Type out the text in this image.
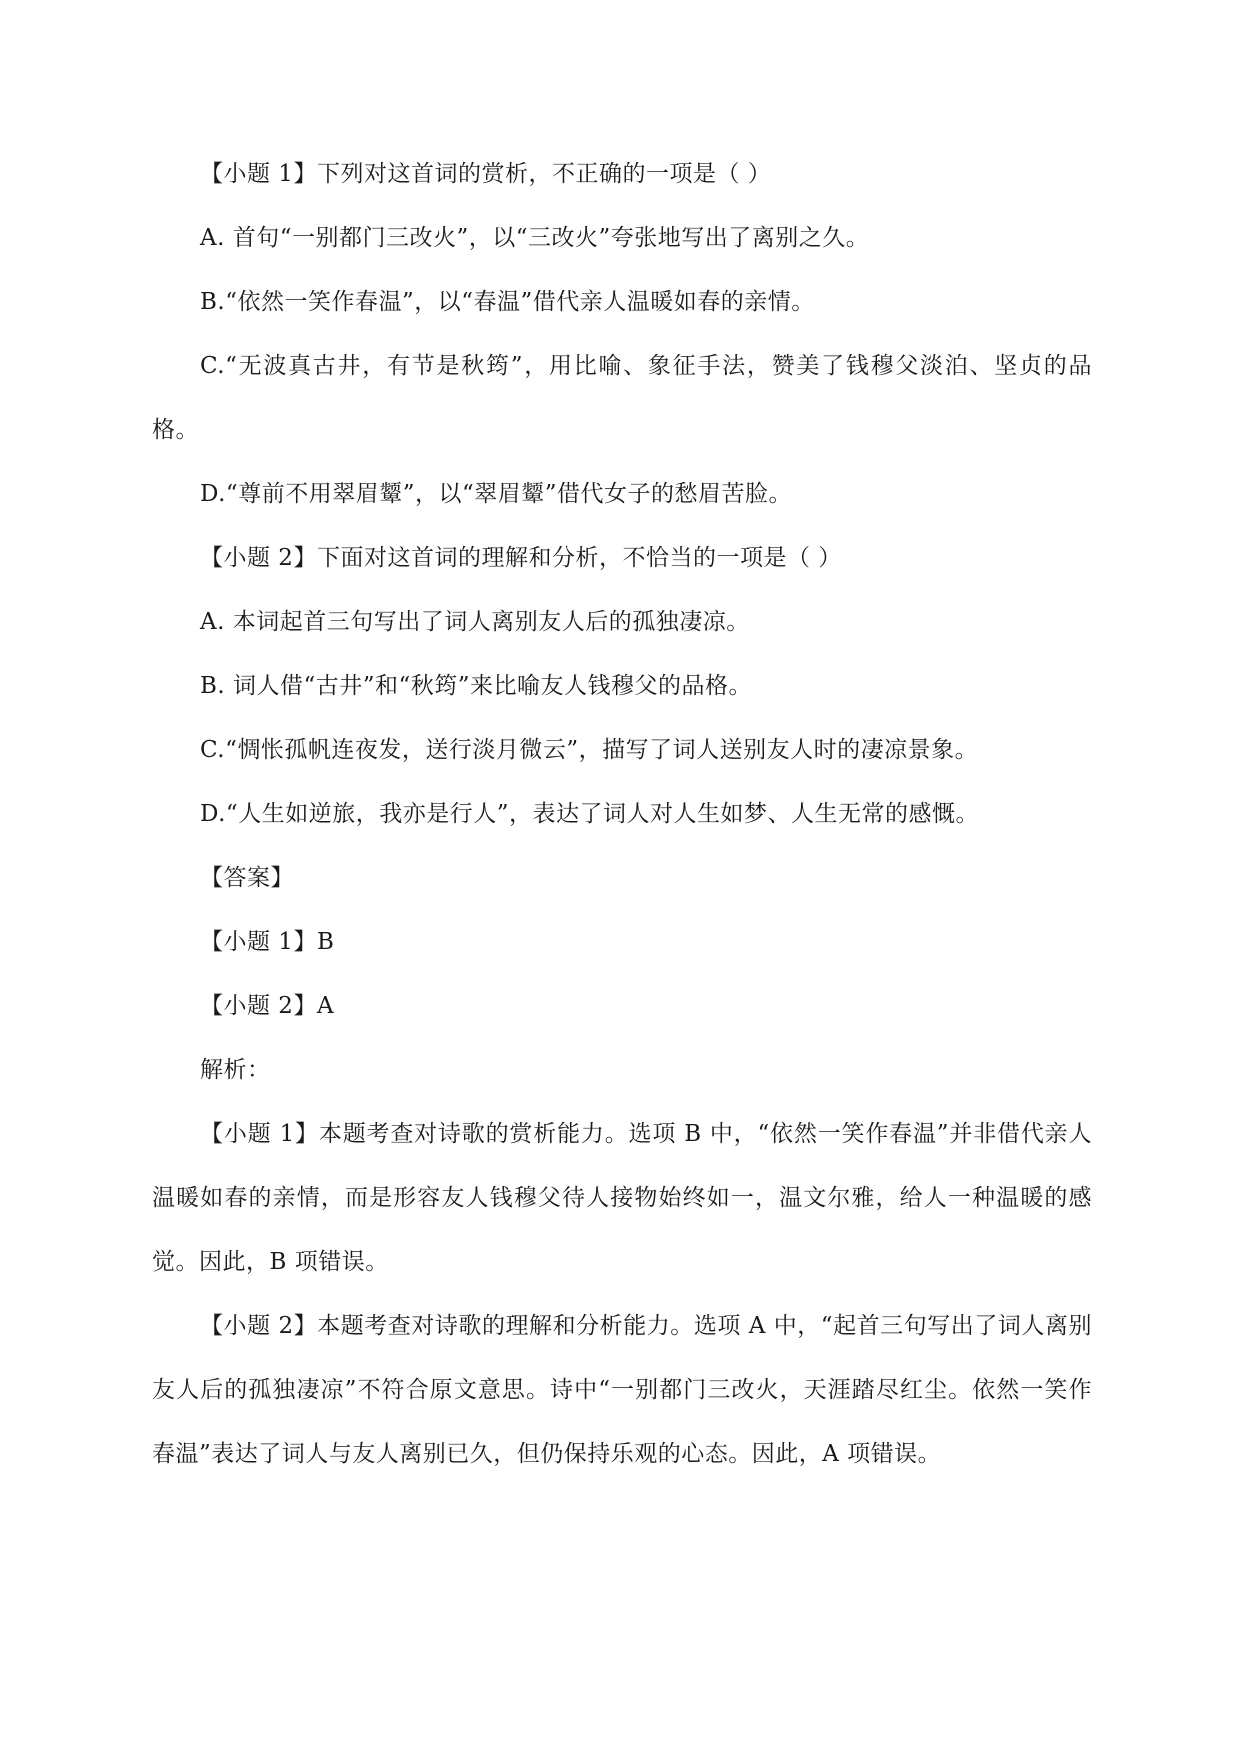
【小题 1】下列对这首词的赏析，不正确的一项是（ ）

A. 首句“一别都门三改火”，以“三改火”夸张地写出了离别之久。

B.“依然一笑作春温”，以“春温”借代亲人温暖如春的亲情。

C.“无波真古井，有节是秋筠”，用比喻、象征手法，赞美了钱穆父淡泊、坚贞的品格。

D.“尊前不用翠眉颦”，以“翠眉颦”借代女子的愁眉苦脸。

【小题 2】下面对这首词的理解和分析，不恰当的一项是（ ）

A. 本词起首三句写出了词人离别友人后的孤独凄凉。

B. 词人借“古井”和“秋筠”来比喻友人钱穆父的品格。

C.“惆怅孤帆连夜发，送行淡月微云”，描写了词人送别友人时的凄凉景象。

D.“人生如逆旅，我亦是行人”，表达了词人对人生如梦、人生无常的感慨。

【答案】

【小题 1】B

【小题 2】A

解析：

【小题 1】本题考查对诗歌的赏析能力。选项 B 中，“依然一笑作春温”并非借代亲人温暖如春的亲情，而是形容友人钱穆父待人接物始终如一，温文尔雅，给人一种温暖的感觉。因此，B 项错误。

【小题 2】本题考查对诗歌的理解和分析能力。选项 A 中，“起首三句写出了词人离别友人后的孤独凄凉”不符合原文意思。诗中“一别都门三改火，天涯踏尽红尘。依然一笑作春温”表达了词人与友人离别已久，但仍保持乐观的心态。因此，A 项错误。
